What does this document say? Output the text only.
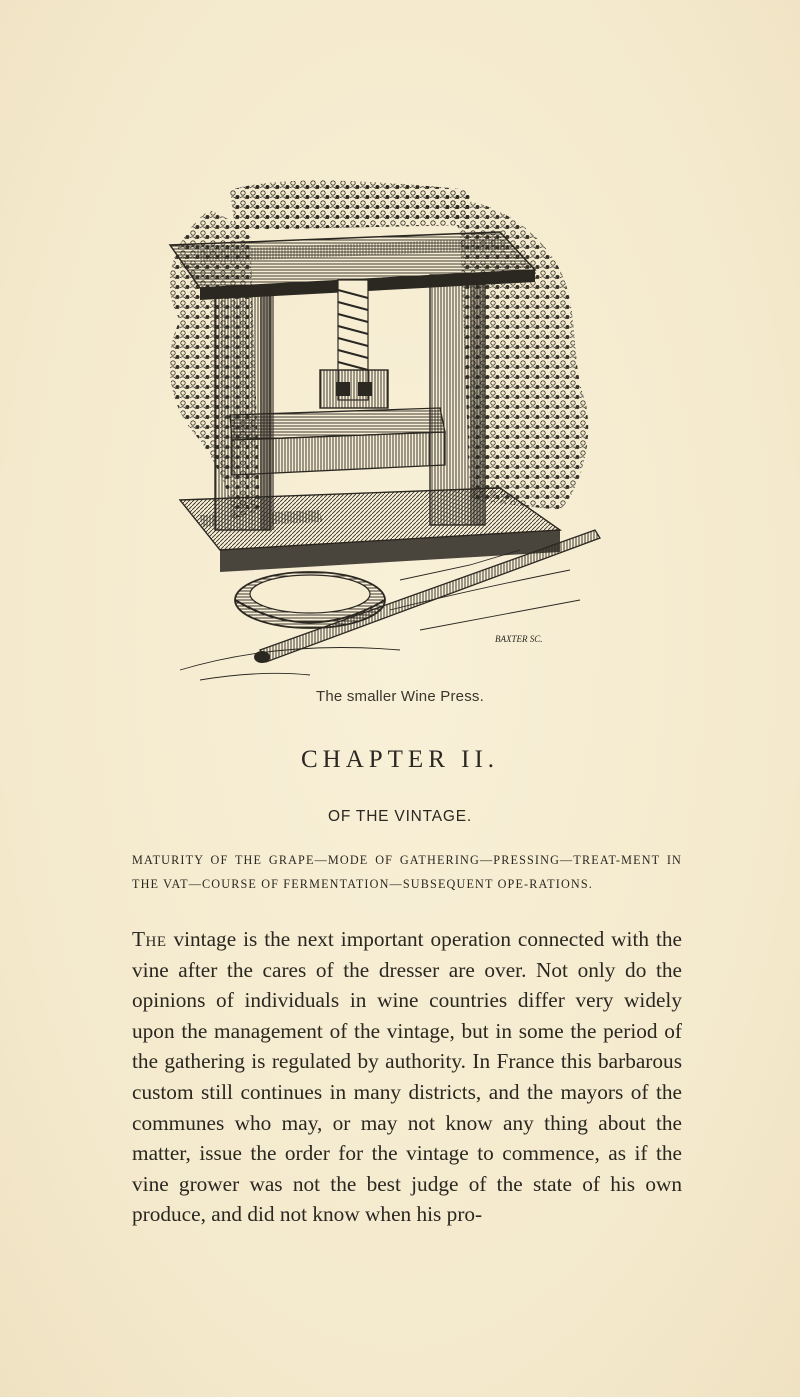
BAXTER SC.
The smaller Wine Press.
CHAPTER II.
OF THE VINTAGE.

MATURITY OF THE GRAPE—MODE OF GATHERING—PRESSING—TREAT-MENT IN THE VAT—COURSE OF FERMENTATION—SUBSEQUENT OPE-RATIONS.

The vintage is the next important operation connected with the vine after the cares of the dresser are over. Not only do the opinions of individuals in wine countries differ very widely upon the management of the vintage, but in some the period of the gathering is regulated by authority. In France this barbarous custom still continues in many districts, and the mayors of the communes who may, or may not know any thing about the matter, issue the order for the vintage to commence, as if the vine grower was not the best judge of the state of his own produce, and did not know when his pro-
